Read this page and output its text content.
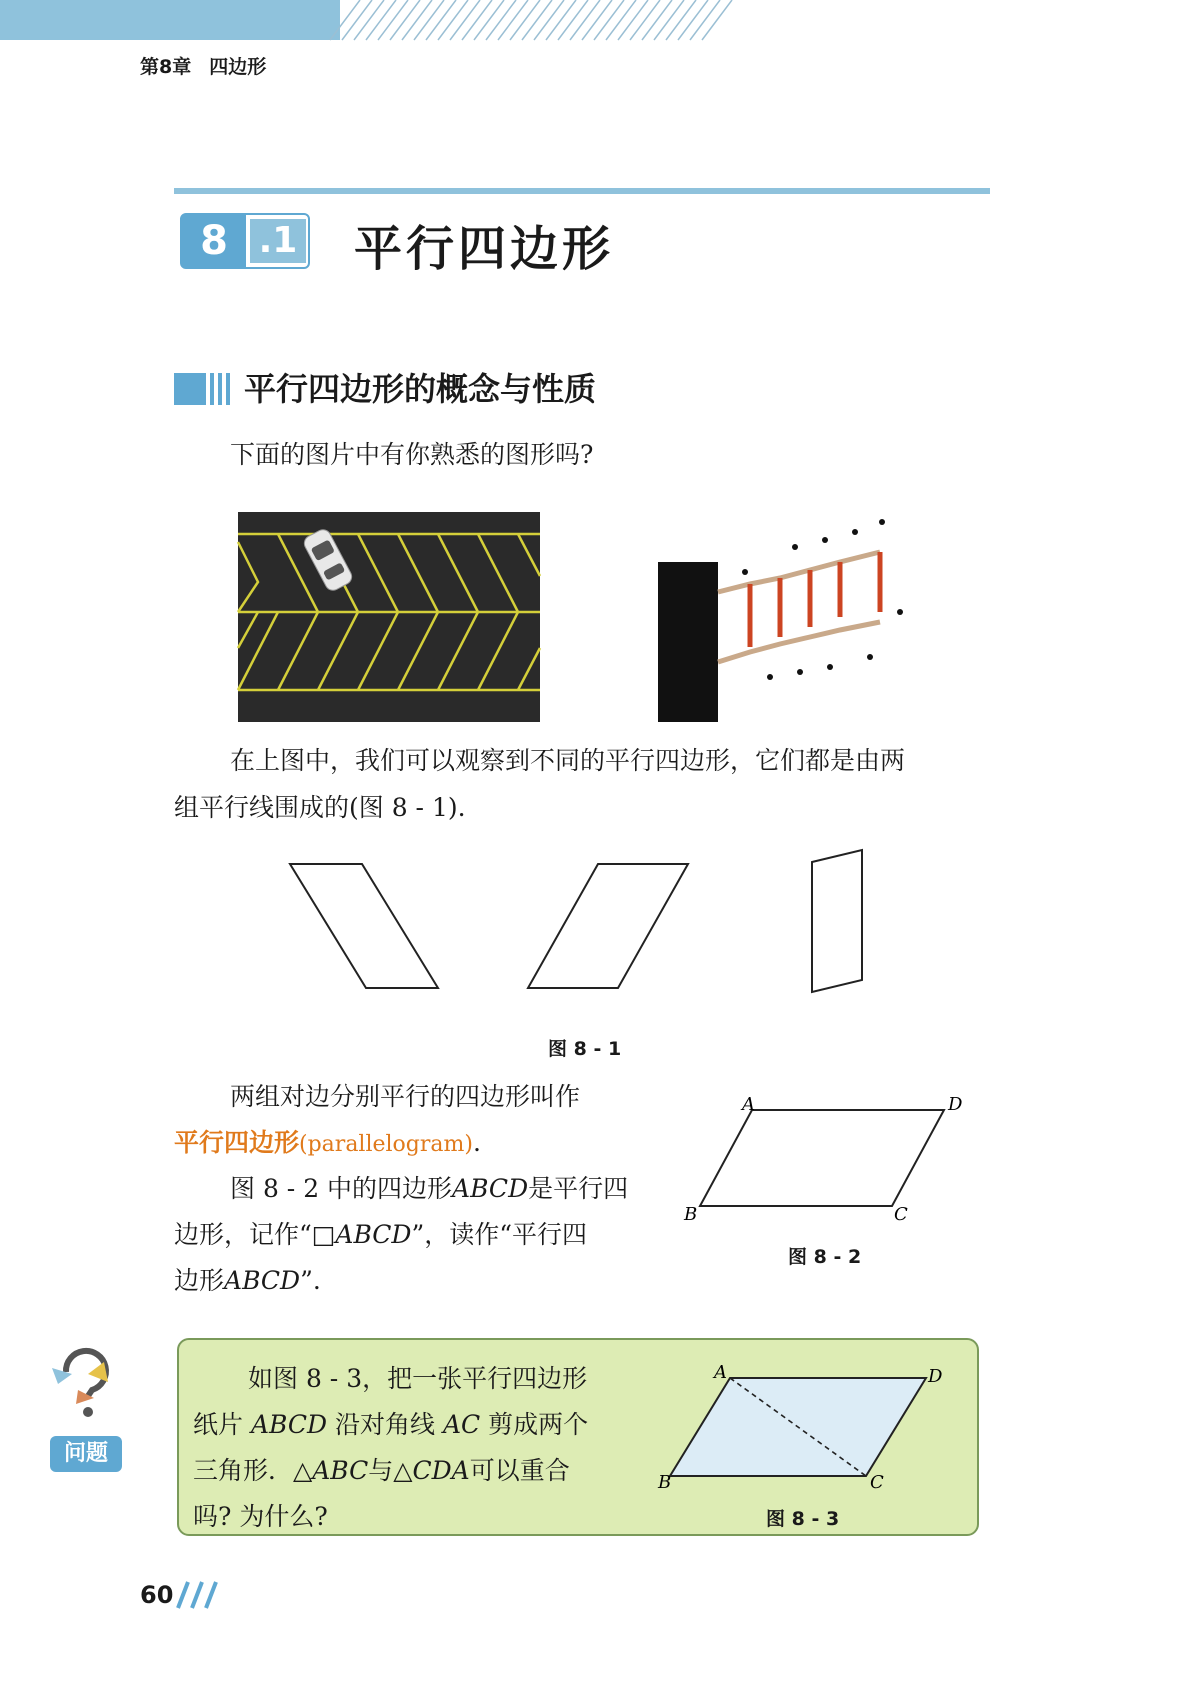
第8章 四边形
8 .1 平行四边形
平行四边形的概念与性质
下面的图片中有你熟悉的图形吗?
在上图中，我们可以观察到不同的平行四边形，它们都是由两
组平行线围成的(图 8 - 1).
图 8 - 1
两组对边分别平行的四边形叫作
平行四边形(parallelogram).
图 8 - 2 中的四边形ABCD是平行四
边形，记作“□ABCD”，读作“平行四
边形ABCD”.
A	D
B	C
图 8 - 2
问题
如图 8 - 3，把一张平行四边形
纸片 ABCD 沿对角线 AC 剪成两个
三角形．△ABC与△CDA可以重合
吗? 为什么?
A	D
B	C
图 8 - 3
60
